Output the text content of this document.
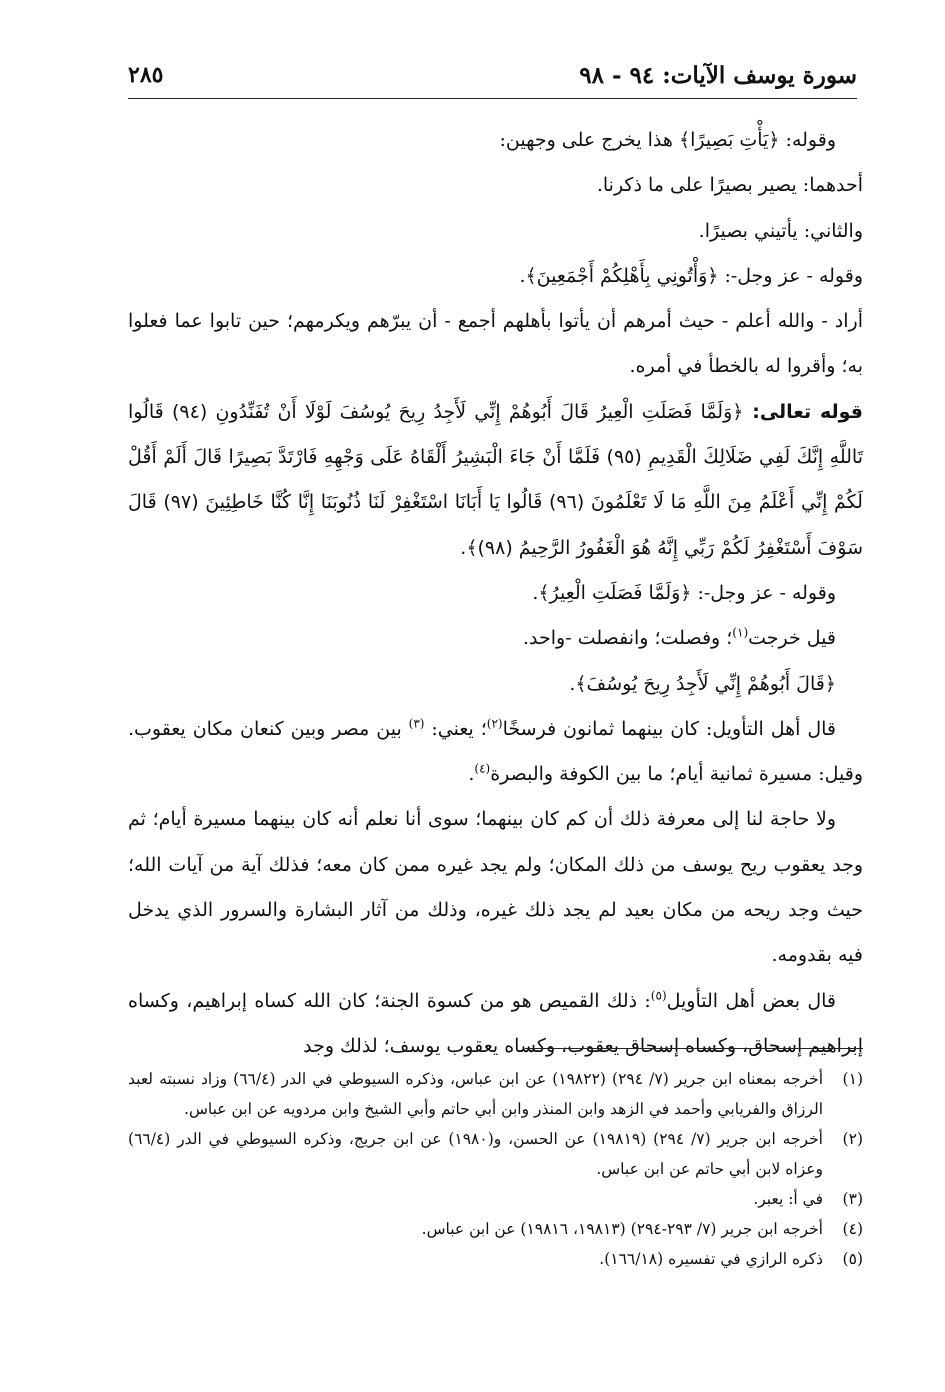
سورة يوسف الآيات: ٩٤ - ٩٨
٢٨٥

وقوله: ﴿يَأْتِ بَصِيرًا﴾ هذا يخرج على وجهين:

أحدهما: يصير بصيرًا على ما ذكرنا.

والثاني: يأتيني بصيرًا.

وقوله - عز وجل-: ﴿وَأْتُونِي بِأَهْلِكُمْ أَجْمَعِينَ﴾.

أراد - والله أعلم - حيث أمرهم أن يأتوا بأهلهم أجمع - أن يبرّهم ويكرمهم؛ حين تابوا عما فعلوا به؛ وأقروا له بالخطأ في أمره.

قوله تعالى: ﴿وَلَمَّا فَصَلَتِ الْعِيرُ قَالَ أَبُوهُمْ إِنِّي لَأَجِدُ رِيحَ يُوسُفَ لَوْلَا أَنْ تُفَنِّدُونِ (٩٤) قَالُوا تَاللَّهِ إِنَّكَ لَفِي ضَلَالِكَ الْقَدِيمِ (٩٥) فَلَمَّا أَنْ جَاءَ الْبَشِيرُ أَلْقَاهُ عَلَى وَجْهِهِ فَارْتَدَّ بَصِيرًا قَالَ أَلَمْ أَقُلْ لَكُمْ إِنِّي أَعْلَمُ مِنَ اللَّهِ مَا لَا تَعْلَمُونَ (٩٦) قَالُوا يَا أَبَانَا اسْتَغْفِرْ لَنَا ذُنُوبَنَا إِنَّا كُنَّا خَاطِئِينَ (٩٧) قَالَ سَوْفَ أَسْتَغْفِرُ لَكُمْ رَبِّي إِنَّهُ هُوَ الْغَفُورُ الرَّحِيمُ (٩٨)﴾.

وقوله - عز وجل-: ﴿وَلَمَّا فَصَلَتِ الْعِيرُ﴾.

قيل خرجت$^{(١)}$؛ وفصلت؛ وانفصلت -واحد.

﴿قَالَ أَبُوهُمْ إِنِّي لَأَجِدُ رِيحَ يُوسُفَ﴾.

قال أهل التأويل: كان بينهما ثمانون فرسخًا$^{(٢)}$؛ يعني: $^{(٣)}$ بين مصر وبين كنعان مكان يعقوب. وقيل: مسيرة ثمانية أيام؛ ما بين الكوفة والبصرة$^{(٤)}$.

ولا حاجة لنا إلى معرفة ذلك أن كم كان بينهما؛ سوى أنا نعلم أنه كان بينهما مسيرة أيام؛ ثم وجد يعقوب ريح يوسف من ذلك المكان؛ ولم يجد غيره ممن كان معه؛ فذلك آية من آيات الله؛ حيث وجد ريحه من مكان بعيد لم يجد ذلك غيره، وذلك من آثار البشارة والسرور الذي يدخل فيه بقدومه.

قال بعض أهل التأويل$^{(٥)}$: ذلك القميص هو من كسوة الجنة؛ كان الله كساه إبراهيم، وكساه إبراهيم إسحاق، وكساه إسحاق يعقوب، وكساه يعقوب يوسف؛ لذلك وجد

(١)
أخرجه بمعناه ابن جرير (٧/ ٢٩٤) (١٩٨٢٢) عن ابن عباس، وذكره السيوطي في الدر (٦٦/٤) وزاد نسبته لعبد الرزاق والفريابي وأحمد في الزهد وابن المنذر وابن أبي حاتم وأبي الشيخ وابن مردويه عن ابن عباس.
(٢)
أخرجه ابن جرير (٧/ ٢٩٤) (١٩٨١٩) عن الحسن، و(١٩٨٠) عن ابن جريج، وذكره السيوطي في الدر (٦٦/٤) وعزاه لابن أبي حاتم عن ابن عباس.
(٣)
في أ: يعبر.
(٤)
أخرجه ابن جرير (٧/ ٢٩٣-٢٩٤) (١٩٨١٣، ١٩٨١٦) عن ابن عباس.
(٥)
ذكره الرازي في تفسيره (١٦٦/١٨).
